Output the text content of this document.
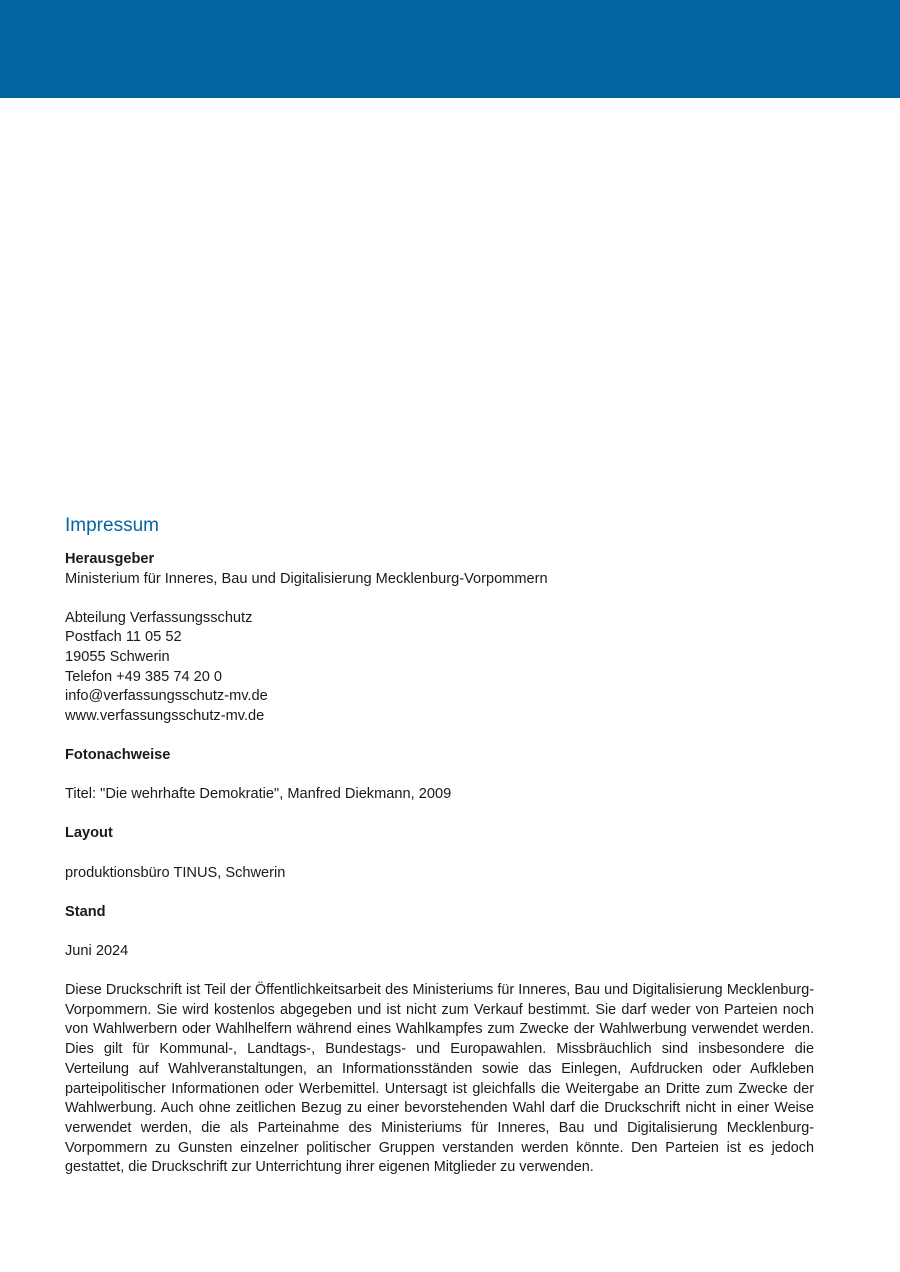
Impressum

Herausgeber

Ministerium für Inneres, Bau und Digitalisierung Mecklenburg-Vorpommern

Abteilung Verfassungsschutz

Postfach 11 05 52

19055 Schwerin

Telefon +49 385 74 20 0

info@verfassungsschutz-mv.de

www.verfassungsschutz-mv.de

Fotonachweise

Titel: "Die wehrhafte Demokratie", Manfred Diekmann, 2009

Layout

produktionsbüro TINUS, Schwerin

Stand

Juni 2024

Diese Druckschrift ist Teil der Öffentlichkeitsarbeit des Ministeriums für Inneres, Bau und Digitalisierung Mecklenburg-Vorpommern. Sie wird kostenlos abgegeben und ist nicht zum Verkauf bestimmt. Sie darf weder von Parteien noch von Wahlwerbern oder Wahlhelfern während eines Wahlkampfes zum Zwecke der Wahlwerbung verwendet werden. Dies gilt für Kommunal-, Landtags-, Bundestags- und Europawahlen. Missbräuchlich sind insbesondere die Verteilung auf Wahlveranstaltungen, an Informationsständen sowie das Einlegen, Aufdrucken oder Aufkleben parteipolitischer Informationen oder Werbemittel. Untersagt ist gleichfalls die Weitergabe an Dritte zum Zwecke der Wahlwerbung. Auch ohne zeitlichen Bezug zu einer bevorstehenden Wahl darf die Druckschrift nicht in einer Weise verwendet werden, die als Parteinahme des Ministeriums für Inneres, Bau und Digitalisierung Mecklenburg-Vorpommern zu Gunsten einzelner politischer Gruppen verstanden werden könnte. Den Parteien ist es jedoch gestattet, die Druckschrift zur Unterrichtung ihrer eigenen Mitglieder zu verwenden.
